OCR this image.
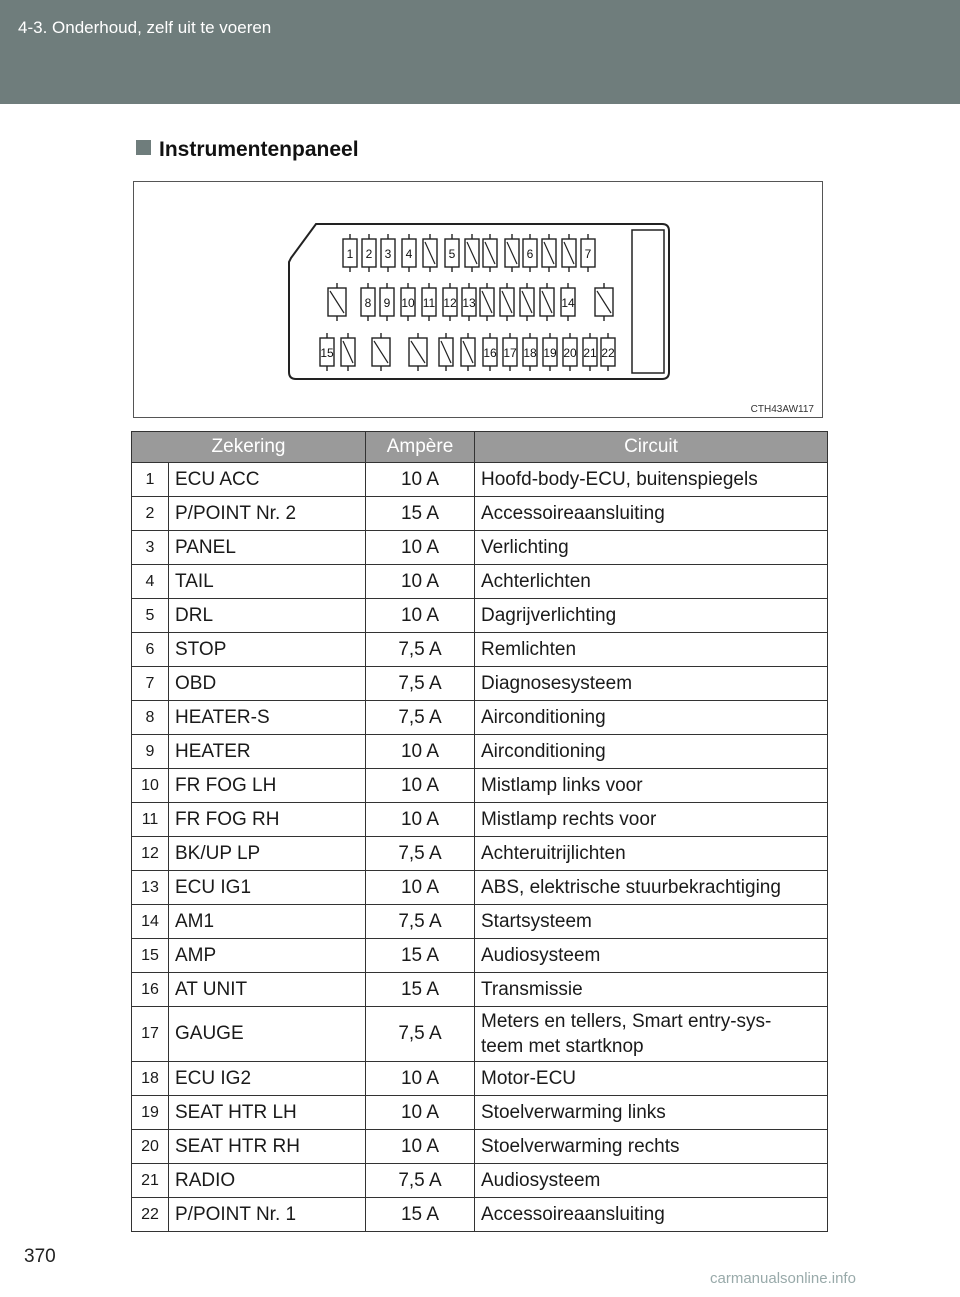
4-3. Onderhoud, zelf uit te voeren
Instrumentenpaneel
1 2 3 4	5	6	7
8 9 10 11 12 13	14
15	16 17 18 19 20 21 22
CTH43AW117
Zekering		Ampère	Circuit
1	ECU ACC	10 A	Hoofd-body-ECU, buitenspiegels
2	P/POINT Nr. 2	15 A	Accessoireaansluiting
3	PANEL	10 A	Verlichting
4	TAIL	10 A	Achterlichten
5	DRL	10 A	Dagrijverlichting
6	STOP	7,5 A	Remlichten
7	OBD	7,5 A	Diagnosesysteem
8	HEATER-S	7,5 A	Airconditioning
9	HEATER	10 A	Airconditioning
10	FR FOG LH	10 A	Mistlamp links voor
11	FR FOG RH	10 A	Mistlamp rechts voor
12	BK/UP LP	7,5 A	Achteruitrijlichten
13	ECU IG1	10 A	ABS, elektrische stuurbekrachtiging
14	AM1	7,5 A	Startsysteem
15	AMP	15 A	Audiosysteem
16	AT UNIT	15 A	Transmissie
17	GAUGE	7,5 A	Meters en tellers, Smart entry-sys-
teem met startknop
18	ECU IG2	10 A	Motor-ECU
19	SEAT HTR LH	10 A	Stoelverwarming links
20	SEAT HTR RH	10 A	Stoelverwarming rechts
21	RADIO	7,5 A	Audiosysteem
22	P/POINT Nr. 1	15 A	Accessoireaansluiting
370
carmanualsonline.info
